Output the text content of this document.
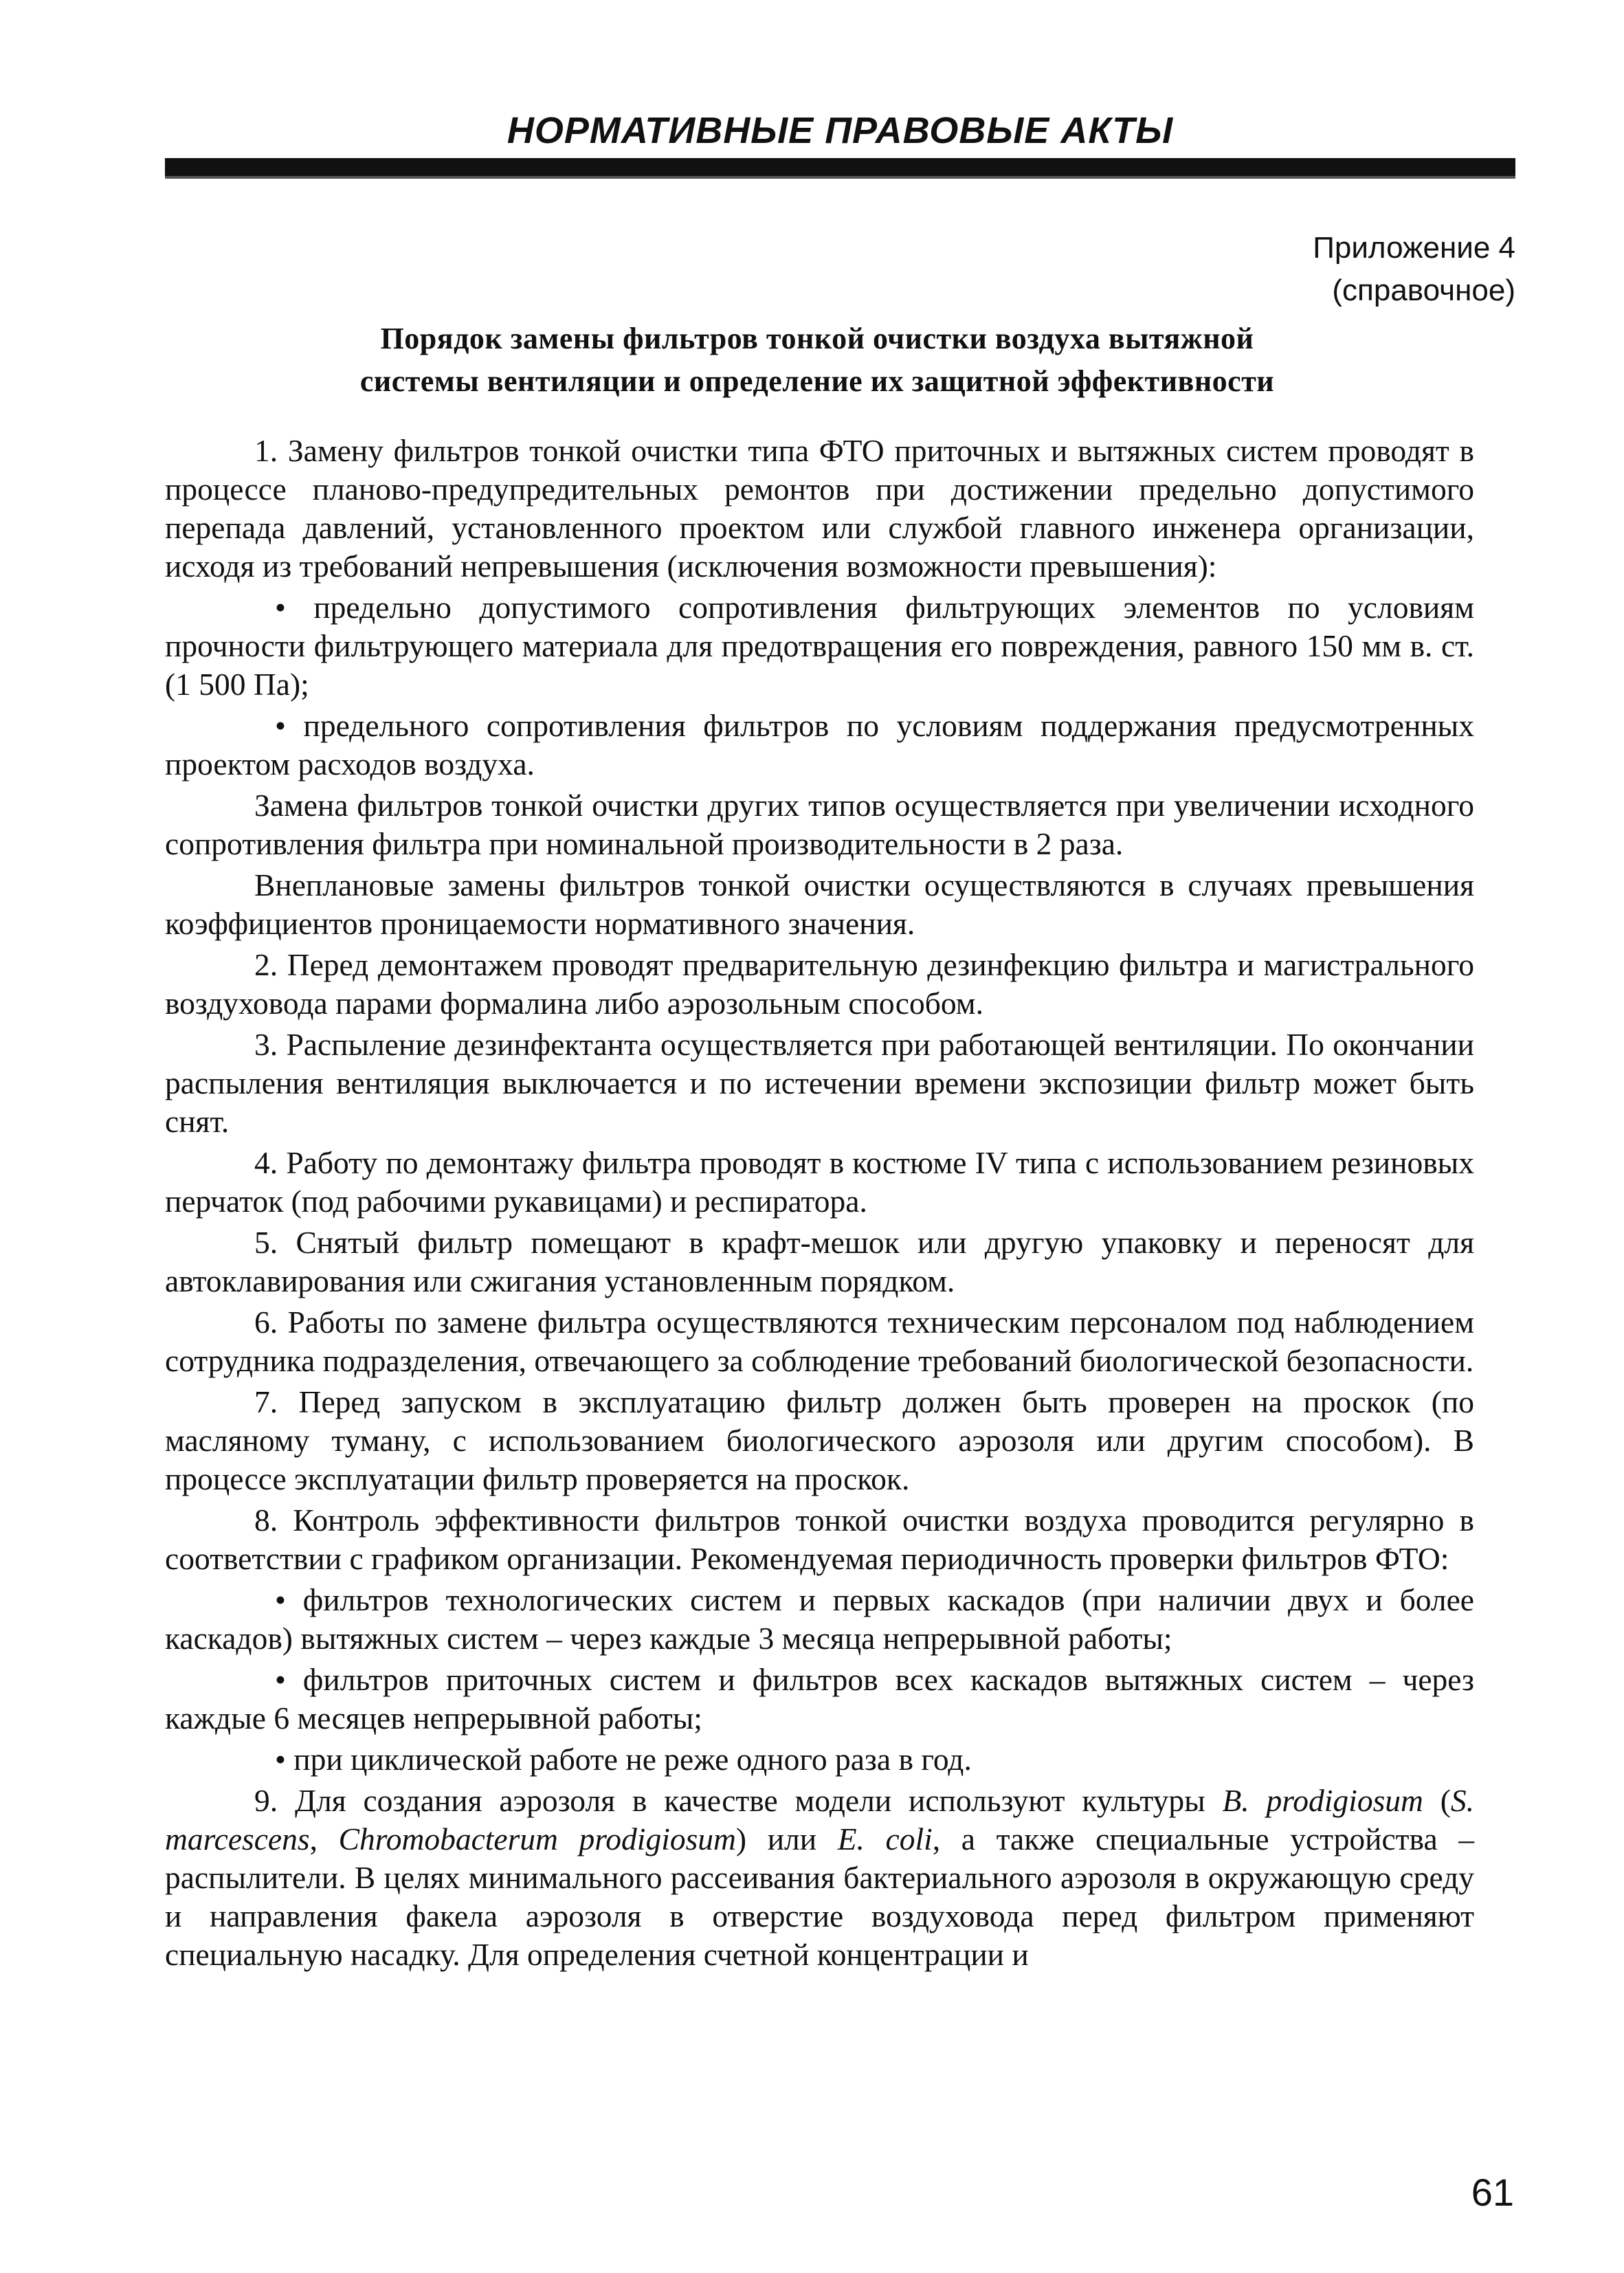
НОРМАТИВНЫЕ ПРАВОВЫЕ АКТЫ
Приложение 4
(справочное)
Порядок замены фильтров тонкой очистки воздуха вытяжной
системы вентиляции и определение их защитной эффективности

1. Замену фильтров тонкой очистки типа ФТО приточных и вытяжных систем проводят в процессе планово-предупредительных ремонтов при достижении предельно допустимого перепада давлений, установленного проектом или службой главного инженера организации, исходя из требований непревышения (исключения возможности превышения):

• предельно допустимого сопротивления фильтрующих элементов по условиям прочности фильтрующего материала для предотвращения его повреждения, равного 150 мм в. ст. (1 500 Па);

• предельного сопротивления фильтров по условиям поддержания предусмотренных проектом расходов воздуха.

Замена фильтров тонкой очистки других типов осуществляется при увеличении исходного сопротивления фильтра при номинальной производительности в 2 раза.

Внеплановые замены фильтров тонкой очистки осуществляются в случаях превышения коэффициентов проницаемости нормативного значения.

2. Перед демонтажем проводят предварительную дезинфекцию фильтра и магистрального воздуховода парами формалина либо аэрозольным способом.

3. Распыление дезинфектанта осуществляется при работающей вентиляции. По окончании распыления вентиляция выключается и по истечении времени экспозиции фильтр может быть снят.

4. Работу по демонтажу фильтра проводят в костюме IV типа с использованием резиновых перчаток (под рабочими рукавицами) и респиратора.

5. Снятый фильтр помещают в крафт-мешок или другую упаковку и переносят для автоклавирования или сжигания установленным порядком.

6. Работы по замене фильтра осуществляются техническим персоналом под наблюдением сотрудника подразделения, отвечающего за соблюдение требований биологической безопасности.

7. Перед запуском в эксплуатацию фильтр должен быть проверен на проскок (по масляному туману, с использованием биологического аэрозоля или другим способом). В процессе эксплуатации фильтр проверяется на проскок.

8. Контроль эффективности фильтров тонкой очистки воздуха проводится регулярно в соответствии с графиком организации. Рекомендуемая периодичность проверки фильтров ФТО:

• фильтров технологических систем и первых каскадов (при наличии двух и более каскадов) вытяжных систем – через каждые 3 месяца непрерывной работы;

• фильтров приточных систем и фильтров всех каскадов вытяжных систем – через каждые 6 месяцев непрерывной работы;

• при циклической работе не реже одного раза в год.

9. Для создания аэрозоля в качестве модели используют культуры B. prodigiosum (S. marcescens, Chromobacterum prodigiosum) или E. coli, а также специальные устройства – распылители. В целях минимального рассеивания бактериального аэрозоля в окружающую среду и направления факела аэрозоля в отверстие воздуховода перед фильтром применяют специальную насадку. Для определения счетной концентрации и

61
